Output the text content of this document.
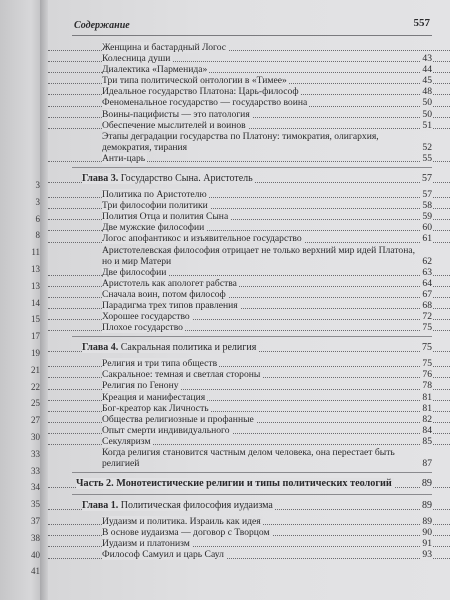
3
3
6
8
11
13
13
14
15
17
19
21
22
25
27
30
33
33
34
35
37
38
40
41
Содержание	557
Женщина и бастардный Логос
Колесница души	43
Диалектика «Парменида»	44
Три типа политической онтологии в «Тимее»	45
Идеальное государство Платона: Царь-философ	48
Феноменальное государство — государство воина	50
Воины-пацифисты — это патология	50
Обеспечение мыслителей и воинов	51
Этапы деградации государства по Платону: тимократия, олигархия, демократия, тирания	52
Анти-царь	55
Глава 3. Государство Сына. Аристотель	57
Политика по Аристотелю	57
Три философии политики	58
Полития Отца и полития Сына	59
Две мужские философии	60
Логос апофантикос и изъявительное государство	61
Аристотелевская философия отрицает не только верхний мир идей Платона, но и мир Матери	62
Две философии	63
Аристотель как апологет рабства	64
Сначала воин, потом философ	67
Парадигма трех типов правления	68
Хорошее государство	72
Плохое государство	75
Глава 4. Сакральная политика и религия	75
Религия и три типа обществ	75
Сакральное: темная и светлая стороны	76
Религия по Генону	78
Креация и манифестация	81
Бог-креатор как Личность	81
Общества религиозные и профанные	82
Опыт смерти индивидуального	84
Секуляризм	85
Когда религия становится частным делом человека, она перестает быть религией	87
Часть 2. Монотеистические религии и типы политических теологий	89
Глава 1. Политическая философия иудаизма	89
Иудаизм и политика. Израиль как идея	89
В основе иудаизма — договор с Творцом	90
Иудаизм и платонизм	91
Философ Самуил и царь Саул	93
